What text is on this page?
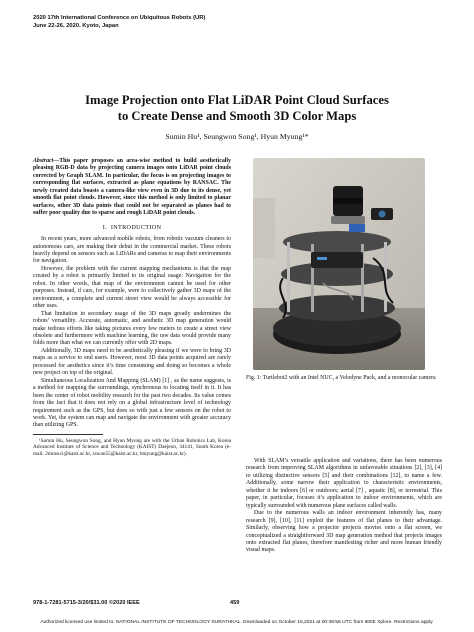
2020 17th International Conference on Ubiquitous Robots (UR)
June 22-26, 2020. Kyoto, Japan
Image Projection onto Flat LiDAR Point Cloud Surfaces
to Create Dense and Smooth 3D Color Maps
Sumin Hu¹, Seungwon Song¹, Hyun Myung¹*

Abstract—This paper proposes an area-wise method to build aesthetically pleasing RGB-D data by projecting camera images onto LiDAR point clouds corrected by Graph SLAM. In particular, the focus is on projecting images to corresponding flat surfaces, extracted as plane equations by RANSAC. The newly created data boasts a camera-like view even in 3D due to its dense, yet smooth flat point clouds. However, since this method is only limited to planar surfaces, other 3D data points that could not be separated as planes had to suffer poor quality due to sparse and rough LiDAR point clouds.

I. INTRODUCTION

In recent years, more advanced mobile robots, from robotic vacuum cleaners to autonomous cars, are making their debut in the commercial market. These robots heavily depend on sensors such as LiDARs and cameras to map their environments for navigation.

However, the problem with the current mapping mechanisms is that the map created by a robot is primarily limited to its original usage: Navigation for the robot. In other words, that map of the environment cannot be used for other purposes. Instead, if cars, for example, were to collectively gather 3D maps of the environment, a complete and current street view would be always accessible for other uses.

That limitation in secondary usage of the 3D maps greatly undermines the robots’ versatility. Accurate, automatic, and aesthetic 3D map generation would make tedious efforts like taking pictures every few meters to create a street view obsolete and furthermore with machine learning, the raw data would provide many folds more than what we can currently offer with 2D maps.

Additionally, 3D maps need to be aesthetically pleasing if we were to bring 3D maps as a service to end users. However, most 3D data points acquired are rarely processed for aesthetics since it’s time consuming and doing so becomes a whole new project on top of the original.

Simultaneous Localization And Mapping (SLAM) [1] , as the name suggests, is a method for mapping the surroundings, synchronous to locating itself in it. It has been the center of robot mobility research for the past two decades. Its value comes from the fact that it does not rely on a global infrastructure level of technology requirement such as the GPS, but does so with just a few sensors on the robot to work. Yet, the system can map and navigate the environment with greater accuracy than utilizing GPS.

¹Sumin Hu, Seungwon Song, and Hyun Myung are with the Urban Robotics Lab, Korea Advanced Institute of Science and Technology (KAIST) Daejeon, 34141, South Korea (e-mail: 2minsu1@kaist.ac.kr, sswan55@kaist.ac.kr, hmyung@kaist.ac.kr).

Fig. 1: Turtlebot2 with an Intel NUC, a Velodyne Puck, and a monocular camera

With SLAM’s versatile application and variations, there has been numerous research from improving SLAM algorithms in unfavorable situations [2], [3], [4] to utilizing distinctive sensors [5] and their combinations [12], to name a few. Additionally, some narrow their application to characteristic environments, whether it be indoors [6] or outdoors; aerial [7] , aquatic [8], or terrestrial. This paper, in particular, focuses it’s application to indoor environments, which are typically surrounded with numerous plane surfaces called walls.

Due to the numerous walls an indoor environment inherently has, many research [9], [10], [11] exploit the features of flat planes to their advantage. Similarly, observing how a projector projects movies onto a flat screen, we conceptualized a straightforward 3D map generation method that projects images onto extracted flat planes, therefore manifesting richer and more human friendly visual maps.

978-1-7281-5715-3/20/$31.00 ©2020 IEEE	459
Authorized licensed use limited to: NATIONAL INSTITUTE OF TECHNOLOGY SURATHKAL. Downloaded on October 15,2021 at 00:38:56 UTC from IEEE Xplore. Restrictions apply.
